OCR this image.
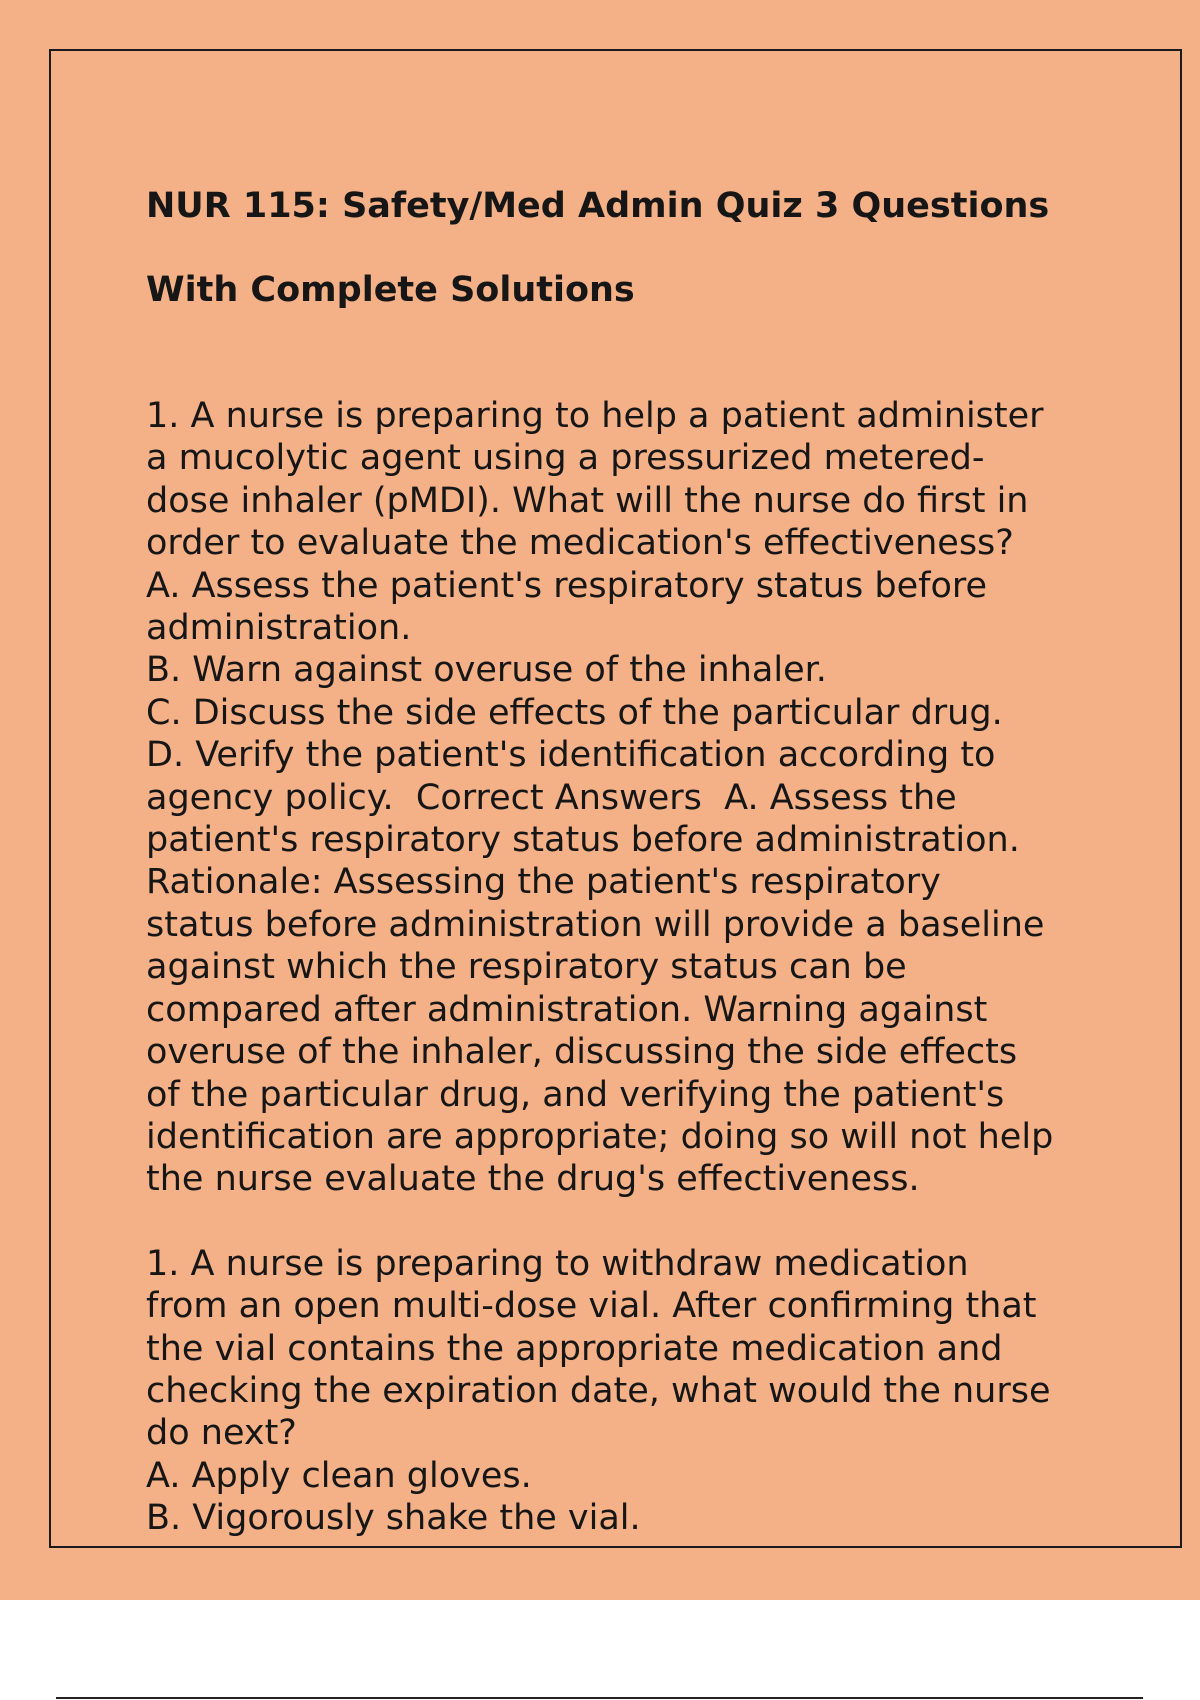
NUR 115: Safety/Med Admin Quiz 3 Questions

With Complete Solutions

1. A nurse is preparing to help a patient administer
a mucolytic agent using a pressurized metered-
dose inhaler (pMDI). What will the nurse do first in
order to evaluate the medication's effectiveness?
A. Assess the patient's respiratory status before
administration.
B. Warn against overuse of the inhaler.
C. Discuss the side effects of the particular drug.
D. Verify the patient's identification according to
agency policy.  Correct Answers  A. Assess the
patient's respiratory status before administration.
Rationale: Assessing the patient's respiratory
status before administration will provide a baseline
against which the respiratory status can be
compared after administration. Warning against
overuse of the inhaler, discussing the side effects
of the particular drug, and verifying the patient's
identification are appropriate; doing so will not help
the nurse evaluate the drug's effectiveness.
1. A nurse is preparing to withdraw medication
from an open multi-dose vial. After confirming that
the vial contains the appropriate medication and
checking the expiration date, what would the nurse
do next?
A. Apply clean gloves.
B. Vigorously shake the vial.
